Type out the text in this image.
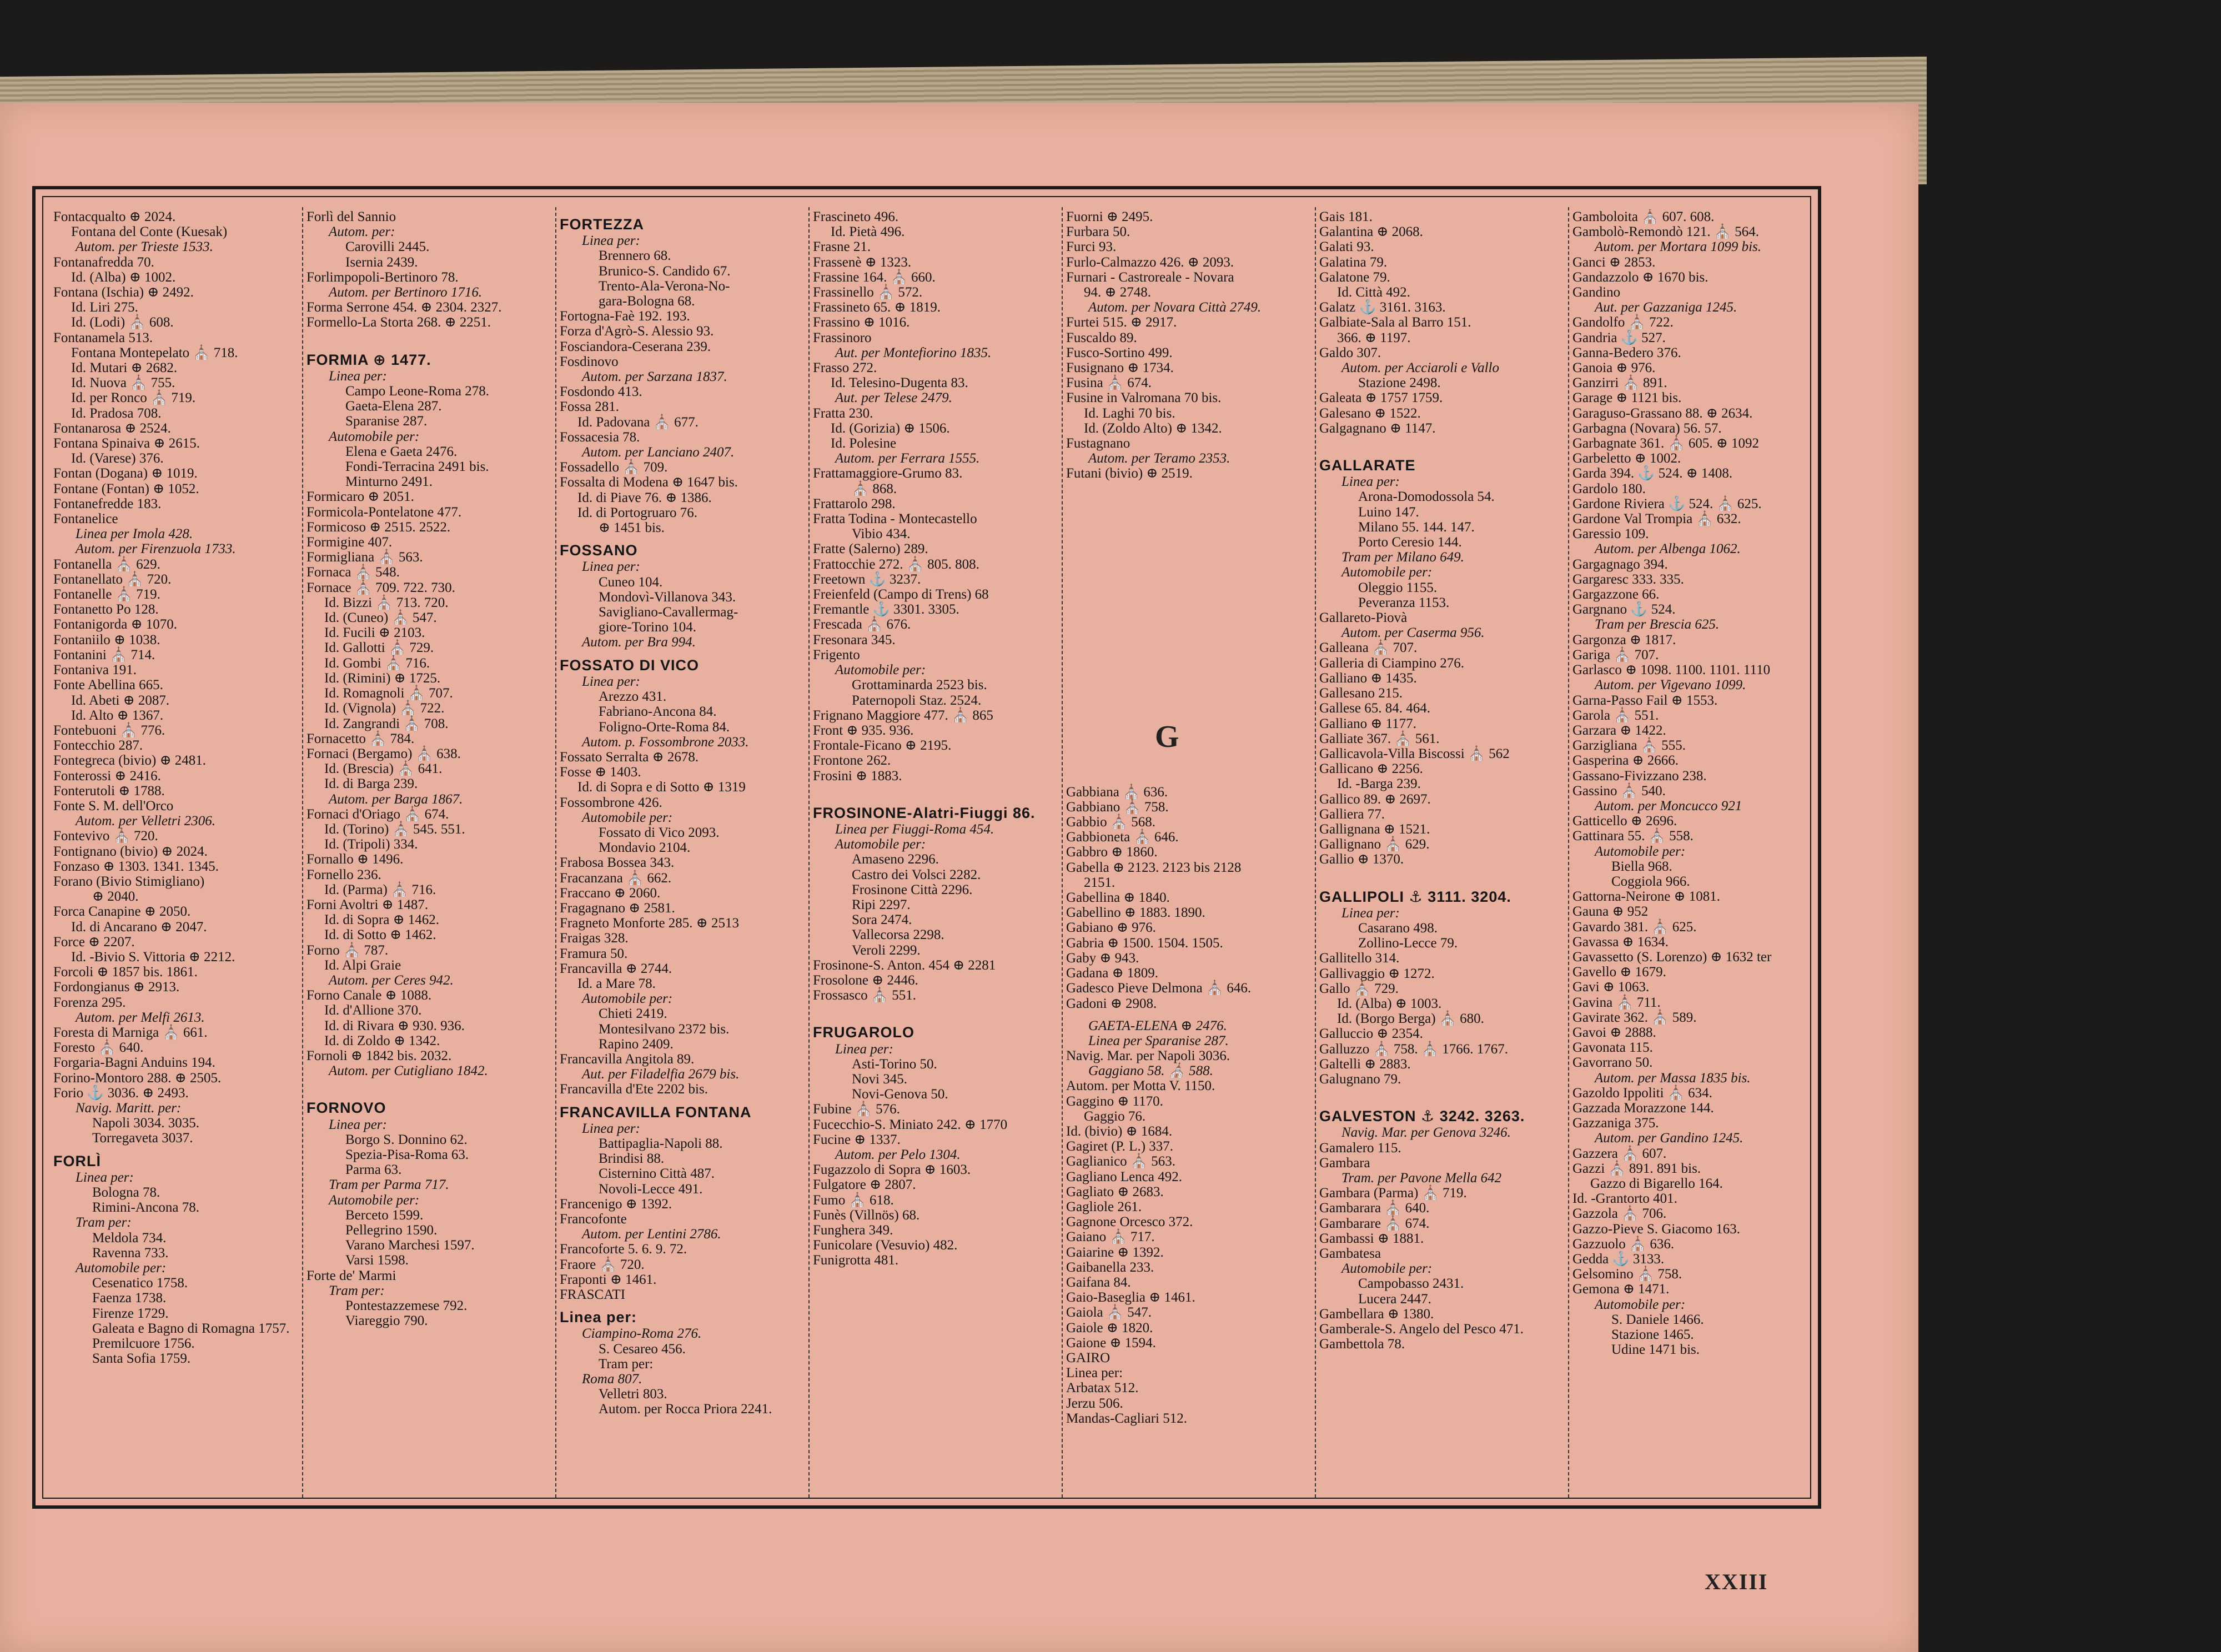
Fontacqualto ⊕ 2024.
Fontana del Conte (Kuesak)
Autom. per Trieste 1533.
Fontanafredda 70.
Id. (Alba) ⊕ 1002.
Fontana (Ischia) ⊕ 2492.
Id. Liri 275.
Id. (Lodi) ⛪ 608.
Fontanamela 513.
Fontana Montepelato ⛪ 718.
Id. Mutari ⊕ 2682.
Id. Nuova ⛪ 755.
Id. per Ronco ⛪ 719.
Id. Pradosa 708.
Fontanarosa ⊕ 2524.
Fontana Spinaiva ⊕ 2615.
Id. (Varese) 376.
Fontan (Dogana) ⊕ 1019.
Fontane (Fontan) ⊕ 1052.
Fontanefredde 183.
Fontanelice
Linea per Imola 428.
Autom. per Firenzuola 1733.
Fontanella ⛪ 629.
Fontanellato ⛪ 720.
Fontanelle ⛪ 719.
Fontanetto Po 128.
Fontanigorda ⊕ 1070.
Fontaniilo ⊕ 1038.
Fontanini ⛪ 714.
Fontaniva 191.
Fonte Abellina 665.
Id. Abeti ⊕ 2087.
Id. Alto ⊕ 1367.
Fontebuoni ⛪ 776.
Fontecchio 287.
Fontegreca (bivio) ⊕ 2481.
Fonterossi ⊕ 2416.
Fonterutoli ⊕ 1788.
Fonte S. M. dell'Orco
Autom. per Velletri 2306.
Fontevivo ⛪ 720.
Fontignano (bivio) ⊕ 2024.
Fonzaso ⊕ 1303. 1341. 1345.
Forano (Bivio Stimigliano)
⊕ 2040.
Forca Canapine ⊕ 2050.
Id. di Ancarano ⊕ 2047.
Force ⊕ 2207.
Id. -Bivio S. Vittoria ⊕ 2212.
Forcoli ⊕ 1857 bis. 1861.
Fordongianus ⊕ 2913.
Forenza 295.
Autom. per Melfi 2613.
Foresta di Marniga ⛪ 661.
Foresto ⛪ 640.
Forgaria-Bagni Anduins 194.
Forino-Montoro 288. ⊕ 2505.
Forio ⚓ 3036. ⊕ 2493.
Navig. Maritt. per:
Napoli 3034. 3035.
Torregaveta 3037.
FORLÌ
Linea per:
Bologna 78.
Rimini-Ancona 78.
Tram per:
Meldola 734.
Ravenna 733.
Automobile per:
Cesenatico 1758.
Faenza 1738.
Firenze 1729.
Galeata e Bagno di Romagna 1757.
Premilcuore 1756.
Santa Sofia 1759.
Forlì del Sannio
Autom. per:
Carovilli 2445.
Isernia 2439.
Forlimpopoli-Bertinoro 78.
Autom. per Bertinoro 1716.
Forma Serrone 454. ⊕ 2304. 2327.
Formello-La Storta 268. ⊕ 2251.
FORMIA ⊕ 1477.
Linea per:
Campo Leone-Roma 278.
Gaeta-Elena 287.
Sparanise 287.
Automobile per:
Elena e Gaeta 2476.
Fondi-Terracina 2491 bis.
Minturno 2491.
Formicaro ⊕ 2051.
Formicola-Pontelatone 477.
Formicoso ⊕ 2515. 2522.
Formigine 407.
Formigliana ⛪ 563.
Fornaca ⛪ 548.
Fornace ⛪ 709. 722. 730.
Id. Bizzi ⛪ 713. 720.
Id. (Cuneo) ⛪ 547.
Id. Fucili ⊕ 2103.
Id. Gallotti ⛪ 729.
Id. Gombi ⛪ 716.
Id. (Rimini) ⊕ 1725.
Id. Romagnoli ⛪ 707.
Id. (Vignola) ⛪ 722.
Id. Zangrandi ⛪ 708.
Fornacetto ⛪ 784.
Fornaci (Bergamo) ⛪ 638.
Id. (Brescia) ⛪ 641.
Id. di Barga 239.
Autom. per Barga 1867.
Fornaci d'Oriago ⛪ 674.
Id. (Torino) ⛪ 545. 551.
Id. (Tripoli) 334.
Fornallo ⊕ 1496.
Fornello 236.
Id. (Parma) ⛪ 716.
Forni Avoltri ⊕ 1487.
Id. di Sopra ⊕ 1462.
Id. di Sotto ⊕ 1462.
Forno ⛪ 787.
Id. Alpi Graie
Autom. per Ceres 942.
Forno Canale ⊕ 1088.
Id. d'Allione 370.
Id. di Rivara ⊕ 930. 936.
Id. di Zoldo ⊕ 1342.
Fornoli ⊕ 1842 bis. 2032.
Autom. per Cutigliano 1842.
FORNOVO
Linea per:
Borgo S. Donnino 62.
Spezia-Pisa-Roma 63.
Parma 63.
Tram per Parma 717.
Automobile per:
Berceto 1599.
Pellegrino 1590.
Varano Marchesi 1597.
Varsi 1598.
Forte de' Marmi
Tram per:
Pontestazzemese 792.
Viareggio 790.
FORTEZZA
Linea per:
Brennero 68.
Brunico-S. Candido 67.
Trento-Ala-Verona-No-
gara-Bologna 68.
Fortogna-Faè 192. 193.
Forza d'Agrò-S. Alessio 93.
Fosciandora-Ceserana 239.
Fosdinovo
Autom. per Sarzana 1837.
Fosdondo 413.
Fossa 281.
Id. Padovana ⛪ 677.
Fossacesia 78.
Autom. per Lanciano 2407.
Fossadello ⛪ 709.
Fossalta di Modena ⊕ 1647 bis.
Id. di Piave 76. ⊕ 1386.
Id. di Portogruaro 76.
⊕ 1451 bis.
FOSSANO
Linea per:
Cuneo 104.
Mondovì-Villanova 343.
Savigliano-Cavallermag-
giore-Torino 104.
Autom. per Bra 994.
FOSSATO DI VICO
Linea per:
Arezzo 431.
Fabriano-Ancona 84.
Foligno-Orte-Roma 84.
Autom. p. Fossombrone 2033.
Fossato Serralta ⊕ 2678.
Fosse ⊕ 1403.
Id. di Sopra e di Sotto ⊕ 1319
Fossombrone 426.
Automobile per:
Fossato di Vico 2093.
Mondavio 2104.
Frabosa Bossea 343.
Fracanzana ⛪ 662.
Fraccano ⊕ 2060.
Fragagnano ⊕ 2581.
Fragneto Monforte 285. ⊕ 2513
Fraigas 328.
Framura 50.
Francavilla ⊕ 2744.
Id. a Mare 78.
Automobile per:
Chieti 2419.
Montesilvano 2372 bis.
Rapino 2409.
Francavilla Angitola 89.
Aut. per Filadelfia 2679 bis.
Francavilla d'Ete 2202 bis.
FRANCAVILLA FONTANA
Linea per:
Battipaglia-Napoli 88.
Brindisi 88.
Cisternino Città 487.
Novoli-Lecce 491.
Francenigo ⊕ 1392.
Francofonte
Autom. per Lentini 2786.
Francoforte 5. 6. 9. 72.
Fraore ⛪ 720.
Fraponti ⊕ 1461.
FRASCATI
Linea per:
Ciampino-Roma 276.
S. Cesareo 456.
Tram per:
Roma 807.
Velletri 803.
Autom. per Rocca Priora 2241.
Frascineto 496.
Id. Pietà 496.
Frasne 21.
Frassenè ⊕ 1323.
Frassine 164. ⛪ 660.
Frassinello ⛪ 572.
Frassineto 65. ⊕ 1819.
Frassino ⊕ 1016.
Frassinoro
Aut. per Montefiorino 1835.
Frasso 272.
Id. Telesino-Dugenta 83.
Aut. per Telese 2479.
Fratta 230.
Id. (Gorizia) ⊕ 1506.
Id. Polesine
Autom. per Ferrara 1555.
Frattamaggiore-Grumo 83.
⛪ 868.
Frattarolo 298.
Fratta Todina - Montecastello
Vibio 434.
Fratte (Salerno) 289.
Frattocchie 272. ⛪ 805. 808.
Freetown ⚓ 3237.
Freienfeld (Campo di Trens) 68
Fremantle ⚓ 3301. 3305.
Frescada ⛪ 676.
Fresonara 345.
Frigento
Automobile per:
Grottaminarda 2523 bis.
Paternopoli Staz. 2524.
Frignano Maggiore 477. ⛪ 865
Front ⊕ 935. 936.
Frontale-Ficano ⊕ 2195.
Frontone 262.
Frosini ⊕ 1883.
FROSINONE-Alatri-Fiuggi 86.
Linea per Fiuggi-Roma 454.
Automobile per:
Amaseno 2296.
Castro dei Volsci 2282.
Frosinone Città 2296.
Ripi 2297.
Sora 2474.
Vallecorsa 2298.
Veroli 2299.
Frosinone-S. Anton. 454 ⊕ 2281
Frosolone ⊕ 2446.
Frossasco ⛪ 551.
FRUGAROLO
Linea per:
Asti-Torino 50.
Novi 345.
Novi-Genova 50.
Fubine ⛪ 576.
Fucecchio-S. Miniato 242. ⊕ 1770
Fucine ⊕ 1337.
Autom. per Pelo 1304.
Fugazzolo di Sopra ⊕ 1603.
Fulgatore ⊕ 2807.
Fumo ⛪ 618.
Funès (Villnös) 68.
Funghera 349.
Funicolare (Vesuvio) 482.
Funigrotta 481.
Fuorni ⊕ 2495.
Furbara 50.
Furci 93.
Furlo-Calmazzo 426. ⊕ 2093.
Furnari - Castroreale - Novara
94. ⊕ 2748.
Autom. per Novara Città 2749.
Furtei 515. ⊕ 2917.
Fuscaldo 89.
Fusco-Sortino 499.
Fusignano ⊕ 1734.
Fusina ⛪ 674.
Fusine in Valromana 70 bis.
Id. Laghi 70 bis.
Id. (Zoldo Alto) ⊕ 1342.
Fustagnano
Autom. per Teramo 2353.
Futani (bivio) ⊕ 2519.
Gabbiana ⛪ 636.
Gabbiano ⛪ 758.
Gabbio ⛪ 568.
Gabbioneta ⛪ 646.
Gabbro ⊕ 1860.
Gabella ⊕ 2123. 2123 bis 2128
2151.
Gabellina ⊕ 1840.
Gabellino ⊕ 1883. 1890.
Gabiano ⊕ 976.
Gabria ⊕ 1500. 1504. 1505.
Gaby ⊕ 943.
Gadana ⊕ 1809.
Gadesco Pieve Delmona ⛪ 646.
Gadoni ⊕ 2908.
GAETA-ELENA ⊕ 2476.
Linea per Sparanise 287.
Navig. Mar. per Napoli 3036.
Gaggiano 58. ⛪ 588.
Autom. per Motta V. 1150.
Gaggino ⊕ 1170.
Gaggio 76.
Id. (bivio) ⊕ 1684.
Gagiret (P. L.) 337.
Gaglianico ⛪ 563.
Gagliano Lenca 492.
Gagliato ⊕ 2683.
Gagliole 261.
Gagnone Orcesco 372.
Gaiano ⛪ 717.
Gaiarine ⊕ 1392.
Gaibanella 233.
Gaifana 84.
Gaio-Baseglia ⊕ 1461.
Gaiola ⛪ 547.
Gaiole ⊕ 1820.
Gaione ⊕ 1594.
GAIRO
Linea per:
Arbatax 512.
Jerzu 506.
Mandas-Cagliari 512.
Gais 181.
Galantina ⊕ 2068.
Galati 93.
Galatina 79.
Galatone 79.
Id. Città 492.
Galatz ⚓ 3161. 3163.
Galbiate-Sala al Barro 151.
366. ⊕ 1197.
Galdo 307.
Autom. per Acciaroli e Vallo
Stazione 2498.
Galeata ⊕ 1757 1759.
Galesano ⊕ 1522.
Galgagnano ⊕ 1147.
GALLARATE
Linea per:
Arona-Domodossola 54.
Luino 147.
Milano 55. 144. 147.
Porto Ceresio 144.
Tram per Milano 649.
Automobile per:
Oleggio 1155.
Peveranza 1153.
Gallareto-Piovà
Autom. per Caserma 956.
Galleana ⛪ 707.
Galleria di Ciampino 276.
Galliano ⊕ 1435.
Gallesano 215.
Gallese 65. 84. 464.
Galliano ⊕ 1177.
Galliate 367. ⛪ 561.
Gallicavola-Villa Biscossi ⛪ 562
Gallicano ⊕ 2256.
Id. -Barga 239.
Gallico 89. ⊕ 2697.
Galliera 77.
Gallignana ⊕ 1521.
Gallignano ⛪ 629.
Gallio ⊕ 1370.
GALLIPOLI ⚓ 3111. 3204.
Linea per:
Casarano 498.
Zollino-Lecce 79.
Gallitello 314.
Gallivaggio ⊕ 1272.
Gallo ⛪ 729.
Id. (Alba) ⊕ 1003.
Id. (Borgo Berga) ⛪ 680.
Galluccio ⊕ 2354.
Galluzzo ⛪ 758. ⛪ 1766. 1767.
Galtelli ⊕ 2883.
Galugnano 79.
GALVESTON ⚓ 3242. 3263.
Navig. Mar. per Genova 3246.
Gamalero 115.
Gambara
Tram. per Pavone Mella 642
Gambara (Parma) ⛪ 719.
Gambarara ⛪ 640.
Gambarare ⛪ 674.
Gambassi ⊕ 1881.
Gambatesa
Automobile per:
Campobasso 2431.
Lucera 2447.
Gambellara ⊕ 1380.
Gamberale-S. Angelo del Pesco 471.
Gambettola 78.
Gamboloita ⛪ 607. 608.
Gambolò-Remondò 121. ⛪ 564.
Autom. per Mortara 1099 bis.
Ganci ⊕ 2853.
Gandazzolo ⊕ 1670 bis.
Gandino
Aut. per Gazzaniga 1245.
Gandolfo ⛪ 722.
Gandria ⚓ 527.
Ganna-Bedero 376.
Ganoia ⊕ 976.
Ganzirri ⛪ 891.
Garage ⊕ 1121 bis.
Garaguso-Grassano 88. ⊕ 2634.
Garbagna (Novara) 56. 57.
Garbagnate 361. ⛪ 605. ⊕ 1092
Garbeletto ⊕ 1002.
Garda 394. ⚓ 524. ⊕ 1408.
Gardolo 180.
Gardone Riviera ⚓ 524. ⛪ 625.
Gardone Val Trompia ⛪ 632.
Garessio 109.
Autom. per Albenga 1062.
Gargagnago 394.
Gargaresc 333. 335.
Gargazzone 66.
Gargnano ⚓ 524.
Tram per Brescia 625.
Gargonza ⊕ 1817.
Gariga ⛪ 707.
Garlasco ⊕ 1098. 1100. 1101. 1110
Autom. per Vigevano 1099.
Garna-Passo Fail ⊕ 1553.
Garola ⛪ 551.
Garzara ⊕ 1422.
Garzigliana ⛪ 555.
Gasperina ⊕ 2666.
Gassano-Fivizzano 238.
Gassino ⛪ 540.
Autom. per Moncucco 921
Gatticello ⊕ 2696.
Gattinara 55. ⛪ 558.
Automobile per:
Biella 968.
Coggiola 966.
Gattorna-Neirone ⊕ 1081.
Gauna ⊕ 952
Gavardo 381. ⛪ 625.
Gavassa ⊕ 1634.
Gavassetto (S. Lorenzo) ⊕ 1632 ter
Gavello ⊕ 1679.
Gavi ⊕ 1063.
Gavina ⛪ 711.
Gavirate 362. ⛪ 589.
Gavoi ⊕ 2888.
Gavonata 115.
Gavorrano 50.
Autom. per Massa 1835 bis.
Gazoldo Ippoliti ⛪ 634.
Gazzada Morazzone 144.
Gazzaniga 375.
Autom. per Gandino 1245.
Gazzera ⛪ 607.
Gazzi ⛪ 891. 891 bis.
Gazzo di Bigarello 164.
Id. -Grantorto 401.
Gazzola ⛪ 706.
Gazzo-Pieve S. Giacomo 163.
Gazzuolo ⛪ 636.
Gedda ⚓ 3133.
Gelsomino ⛪ 758.
Gemona ⊕ 1471.
Automobile per:
S. Daniele 1466.
Stazione 1465.
Udine 1471 bis.
G
XXIII
